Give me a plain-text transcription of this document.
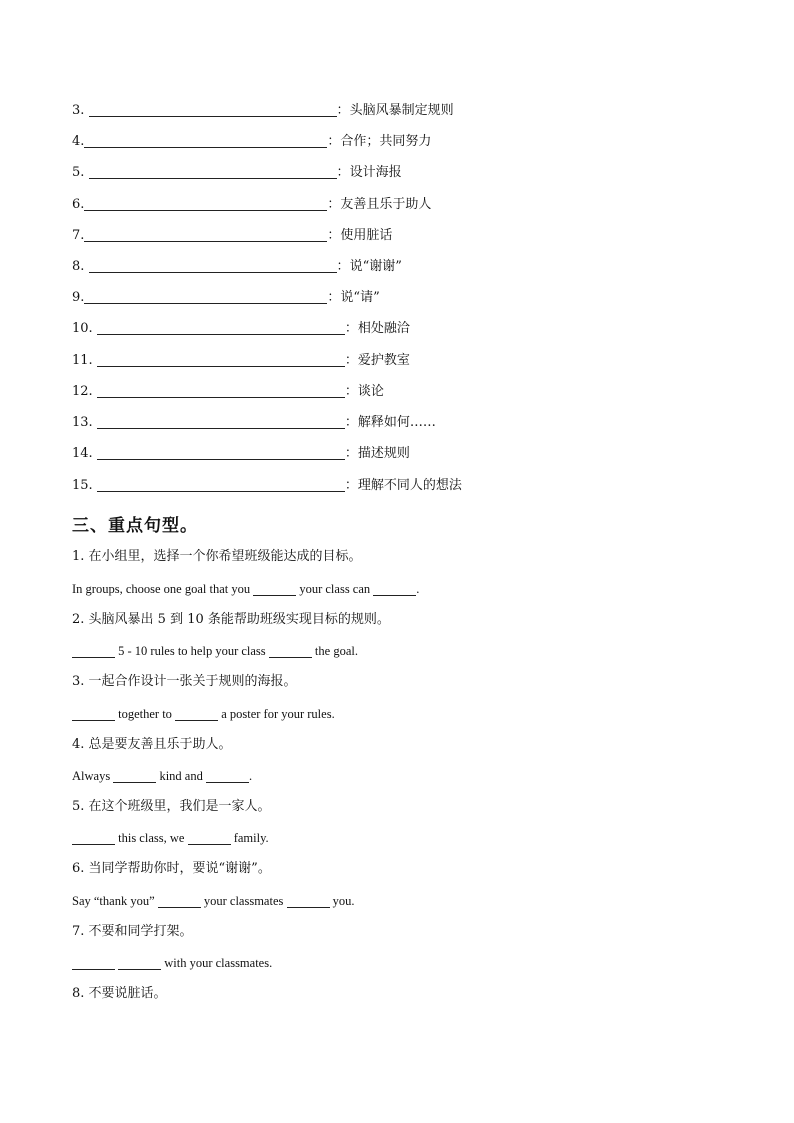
3.	：头脑风暴制定规则
4.	：合作；共同努力
5.	：设计海报
6.	：友善且乐于助人
7.	：使用脏话
8.	：说“谢谢”
9.	：说“请”
10.	：相处融洽
11.	：爱护教室
12.	：谈论
13.	：解释如何……
14.	：描述规则
15.	：理解不同人的想法
三、重点句型。
1. 在小组里，选择一个你希望班级能达成的目标。
In groups, choose one goal that you	your class can	.
2. 头脑风暴出 5 到 10 条能帮助班级实现目标的规则。
5 - 10 rules to help your class	the goal.
3. 一起合作设计一张关于规则的海报。
together to	a poster for your rules.
4. 总是要友善且乐于助人。
Always	kind and	.
5. 在这个班级里，我们是一家人。
this class, we	family.
6. 当同学帮助你时，要说“谢谢”。
Say “thank you”	your classmates	you.
7. 不要和同学打架。
with your classmates.
8. 不要说脏话。
